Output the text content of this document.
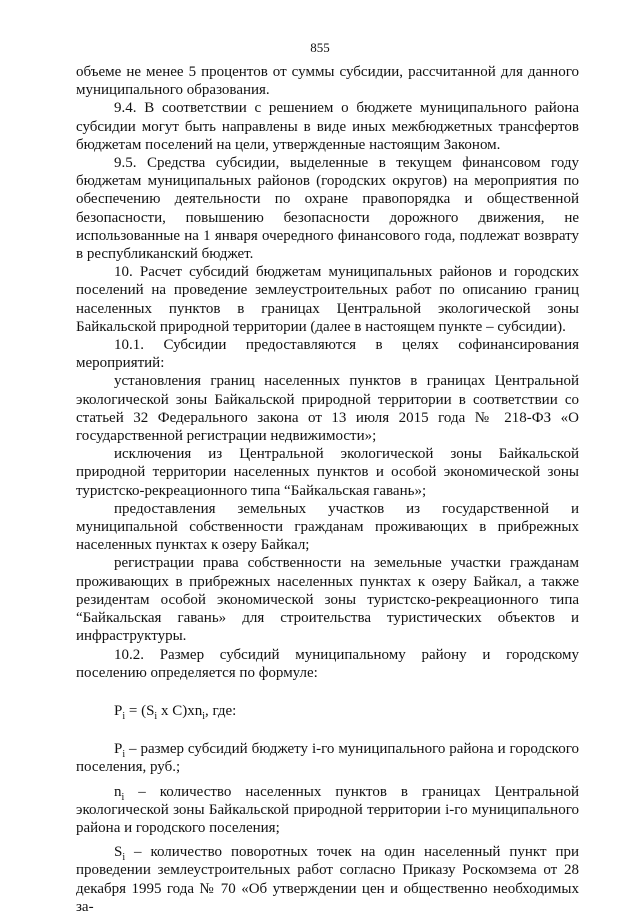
855

объеме не менее 5 процентов от суммы субсидии, рассчитанной для данного муниципального образования.

9.4. В соответствии с решением о бюджете муниципального района субсидии могут быть направлены в виде иных межбюджетных трансфертов бюджетам поселений на цели, утвержденные настоящим Законом.

9.5. Средства субсидии, выделенные в текущем финансовом году бюджетам муниципальных районов (городских округов) на мероприятия по обеспечению деятельности по охране правопорядка и общественной безопасности, повышению безопасности дорожного движения, не использованные на 1 января очередного финансового года, подлежат возврату в республиканский бюджет.

10. Расчет субсидий бюджетам муниципальных районов и городских поселений на проведение землеустроительных работ по описанию границ населенных пунктов в границах Центральной экологической зоны Байкальской природной территории (далее в настоящем пункте – субсидии).

10.1. Субсидии предоставляются в целях софинансирования мероприятий:

установления границ населенных пунктов в границах Центральной экологической зоны Байкальской природной территории в соответствии со статьей 32 Федерального закона от 13 июля 2015 года № 218-ФЗ «О государственной регистрации недвижимости»;

исключения из Центральной экологической зоны Байкальской природной территории населенных пунктов и особой экономической зоны туристско-рекреационного типа “Байкальская гавань»;

предоставления земельных участков из государственной и муниципальной собственности гражданам проживающих в прибрежных населенных пунктах к озеру Байкал;

регистрации права собственности на земельные участки гражданам проживающих в прибрежных населенных пунктах к озеру Байкал, а также резидентам особой экономической зоны туристско-рекреационного типа “Байкальская гавань» для строительства туристических объектов и инфраструктуры.

10.2. Размер субсидий муниципальному району и городскому поселению определяется по формуле:

$P_i = (S_i$ x $C)xn_i$, где:

$P_i$ – размер субсидий бюджету i-го муниципального района и городского поселения, руб.;

$n_i$ – количество населенных пунктов в границах Центральной экологической зоны Байкальской природной территории i-го муниципального района и городского поселения;

$S_i$ – количество поворотных точек на один населенный пункт при проведении землеустроительных работ согласно Приказу Роскомзема от 28 декабря 1995 года № 70 «Об утверждении цен и общественно необходимых за-
